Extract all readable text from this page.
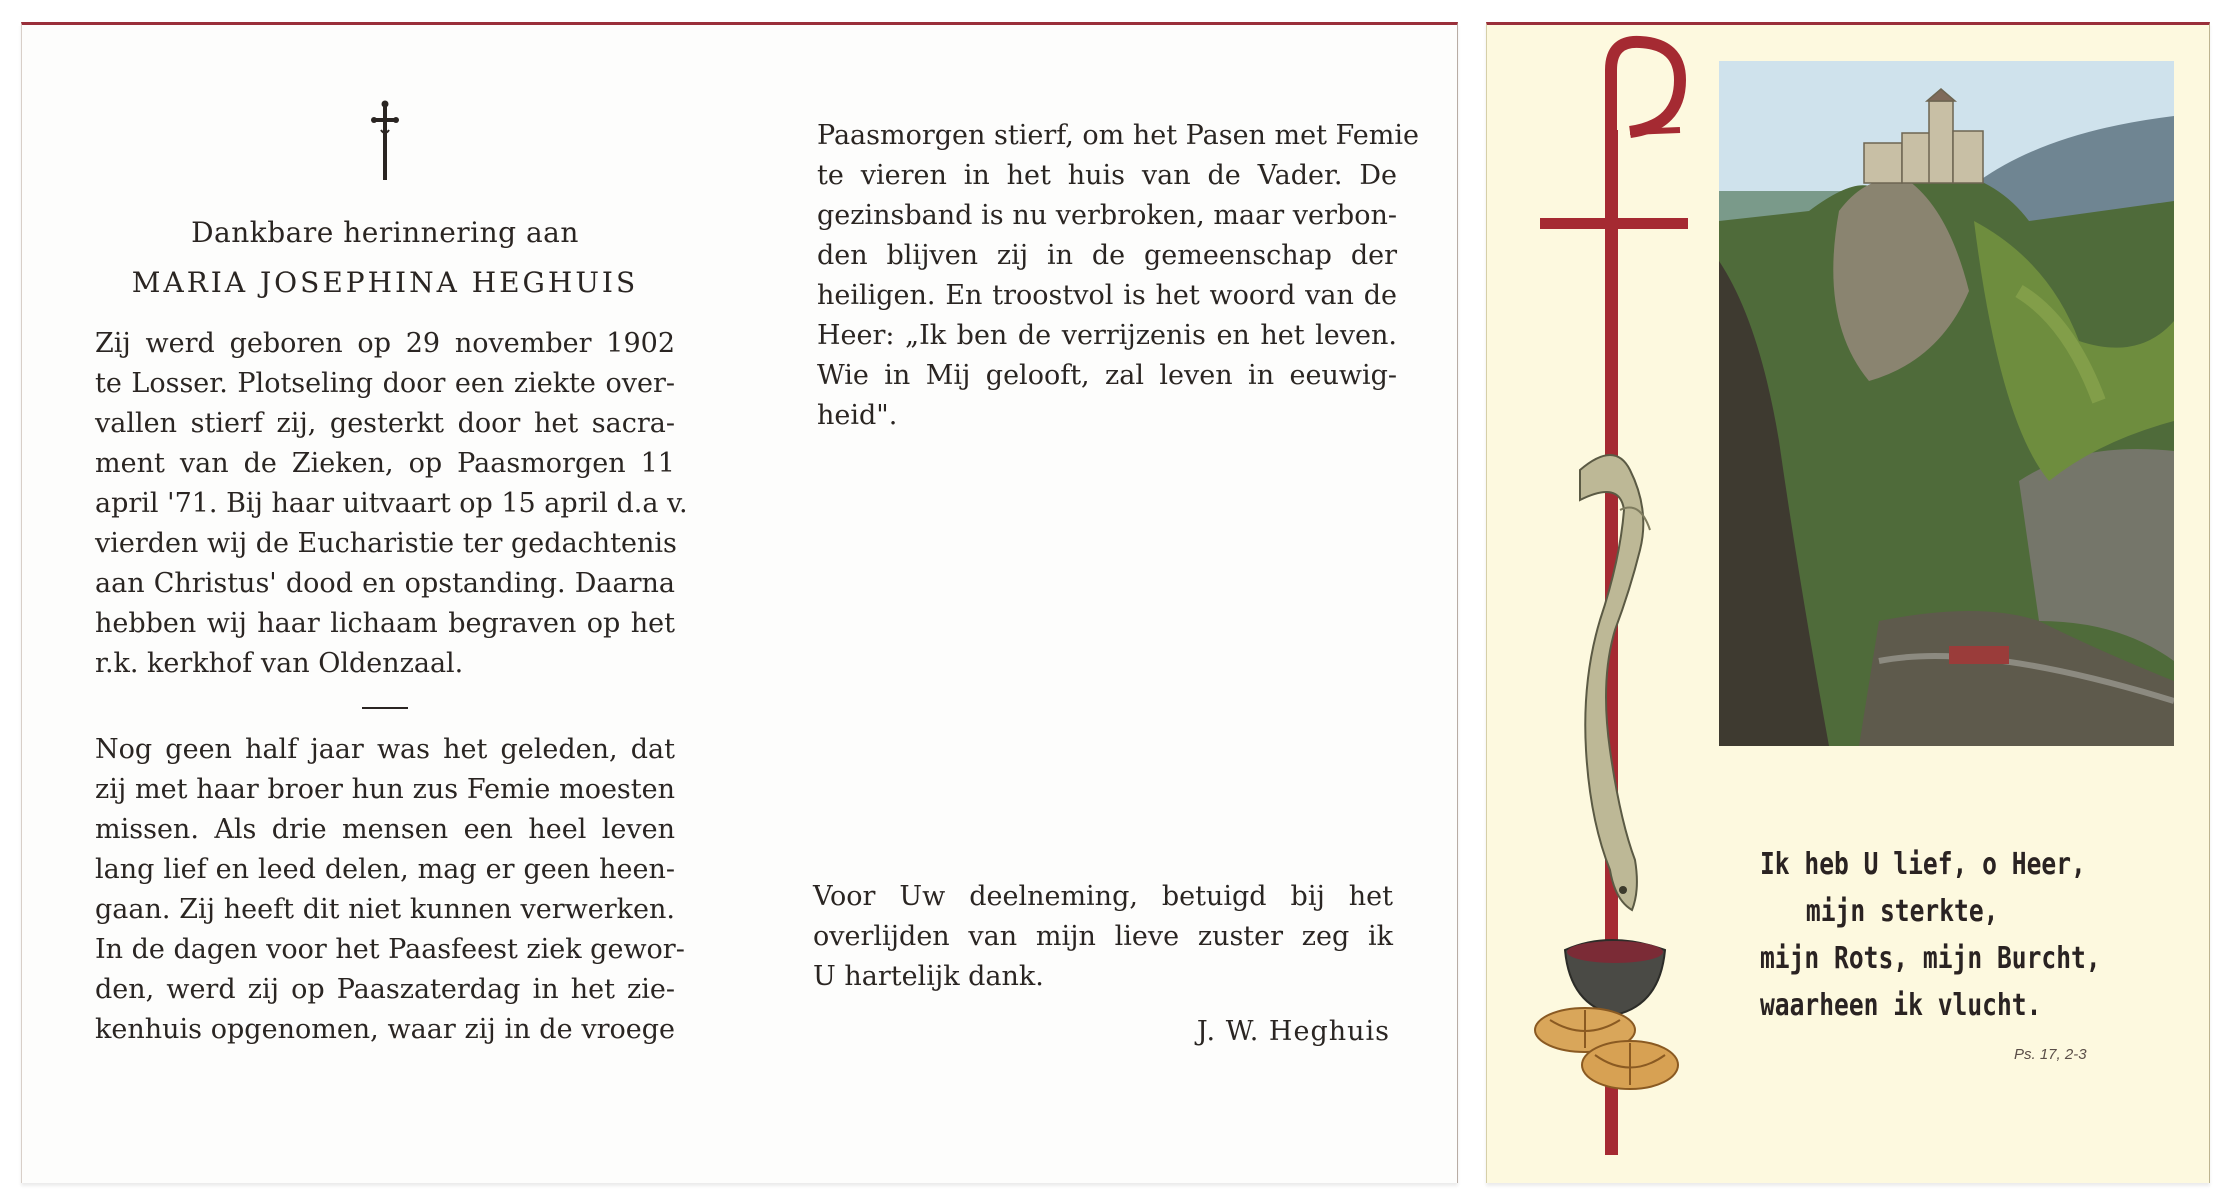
Dankbare herinnering aan
MARIA JOSEPHINA HEGHUIS
Zij werd geboren op 29 november 1902
te Losser. Plotseling door een ziekte over-
vallen stierf zij, gesterkt door het sacra-
ment van de Zieken, op Paasmorgen 11
april '71. Bij haar uitvaart op 15 april d.a v.
vierden wij de Eucharistie ter gedachtenis
aan Christus' dood en opstanding. Daarna
hebben wij haar lichaam begraven op het
r.k. kerkhof van Oldenzaal.
Nog geen half jaar was het geleden, dat
zij met haar broer hun zus Femie moesten
missen. Als drie mensen een heel leven
lang lief en leed delen, mag er geen heen-
gaan. Zij heeft dit niet kunnen verwerken.
In de dagen voor het Paasfeest ziek gewor-
den, werd zij op Paaszaterdag in het zie-
kenhuis opgenomen, waar zij in de vroege
Paasmorgen stierf, om het Pasen met Femie
te vieren in het huis van de Vader. De
gezinsband is nu verbroken, maar verbon-
den blijven zij in de gemeenschap der
heiligen. En troostvol is het woord van de
Heer: „Ik ben de verrijzenis en het leven.
Wie in Mij gelooft, zal leven in eeuwig-
heid".
Voor Uw deelneming, betuigd bij het
overlijden van mijn lieve zuster zeg ik
U hartelijk dank.
J. W. Heghuis
Ik heb U lief, o Heer,
mijn sterkte,
mijn Rots, mijn Burcht,
waarheen ik vlucht.
Ps. 17, 2-3
